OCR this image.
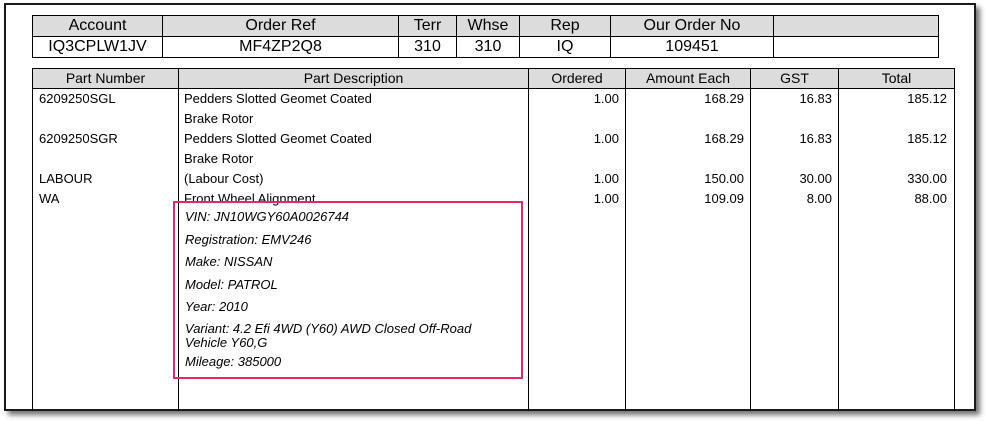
Account	Order Ref	Terr	Whse	Rep	Our Order No	
IQ3CPLW1JV	MF4ZP2Q8	310	310	IQ	109451	
Part Number	Part Description	Ordered	Amount Each	GST	Total
6209250SGL	Pedders Slotted Geomet Coated	1.00	168.29	16.83	185.12
Brake Rotor
6209250SGR	Pedders Slotted Geomet Coated	1.00	168.29	16.83	185.12
Brake Rotor
LABOUR	(Labour Cost)	1.00	150.00	30.00	330.00
WA	Front Wheel Alignment	1.00	109.09	8.00	88.00
VIN: JN10WGY60A0026744
Registration: EMV246
Make: NISSAN
Model: PATROL
Year: 2010
Variant: 4.2 Efi 4WD (Y60) AWD Closed Off-Road
Vehicle Y60,G
Mileage: 385000
